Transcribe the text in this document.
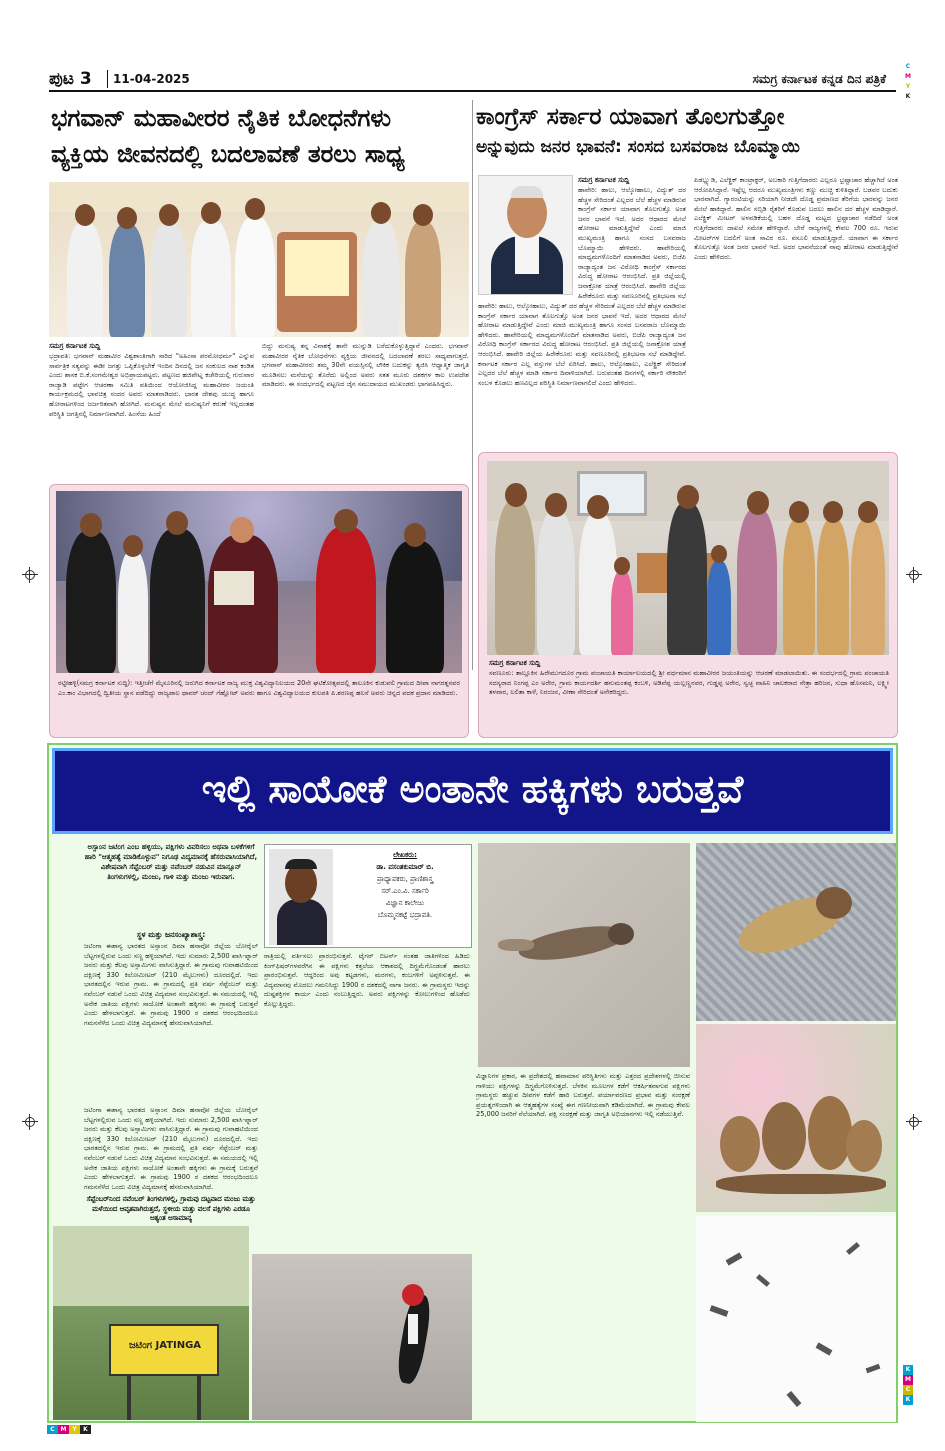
C
M
Y
K
K
M
C
K
C M Y	K
ಪುಟ 3 11-04-2025	ಸಮಗ್ರ ಕರ್ನಾಟಕ ಕನ್ನಡ ದಿನ ಪತ್ರಿಕೆ
ಭಗವಾನ್ ಮಹಾವೀರರ ನೈತಿಕ ಬೋಧನೆಗಳು
ವ್ಯಕ್ತಿಯ ಜೀವನದಲ್ಲಿ ಬದಲಾವಣೆ ತರಲು ಸಾಧ್ಯ
ಸಮಗ್ರ ಕರ್ನಾಟಕ ಸುದ್ದಿ
ಭದ್ರಾವತಿ: ಭಗವಾನ್ ಮಹಾವೀರ ವಿಶ್ವಶಾಂತಿಗಾಗಿ ಸಾರಿದ "ಅಹಿಂಸಾ ಪರಮೋಧರ್ಮ" ಎನ್ನುವ ಸಾರ್ವತ್ರಿಕ ಸತ್ಯವನ್ನು ಈಡೀ ಜಗತ್ತು ಒಪ್ಪಿಕೊಳ್ಳಬೇಕೆ ಇಂದಿನ ದಿನದಲ್ಲಿ ಜನ ಸಂಕುಲದ ನಾಶ ಕಂಡಿತ ಎಂದು ಶಾಸಕ ಬಿ.ಕೆ.ಸಂಗಮೇಶ್ವರ ಅಭಿಪ್ರಾಯಪಟ್ಟರು. ಪಟ್ಟಣದ ಹಜಿಪೇಟ್ನ ಕಚೇರಿಯಲ್ಲಿ ಗುರುವಾರ ರಾಜ್ಯಾಡಿ ಪಟ್ಟೇಗ ಆಚರಣಾ ಸಮಿತಿ ವತಿಯಿಂದ ಆಯೋಜಿಸಿದ್ದ ಮಹಾವೀರರ ಜಯಂತಿ ಕಾರ್ಯಕ್ರಮದಲ್ಲಿ ಭಾವಚಿತ್ರ ಸಂದರ ಅವರು ಮಾತನಾಡಿದರು. ಭಾರತ ದೇಶವು ಯುದ್ಧ ಹಾಗೂ ಹೋರಾಟಗಳಿಂದ ಜರ್ಜರಿತವಾಗಿ ಹೋಗಿದೆ. ಮನುಷ್ಯನ ಮೇಲೆ ಮನುಷ್ಯನಿಗೆ ಕರುಣೆ ಇಲ್ಲದಂತಹ ಪರಿಸ್ಥಿತಿ ಜಗತ್ತಿನಲ್ಲಿ ನಿರ್ಮಾಣವಾಗಿದೆ. ಹಿಂಸೆಯ ಹಿಂದೆ
ಬಿದ್ದು ಮನುಷ್ಯ ತನ್ನ ವಿನಾಶಕ್ಕೆ ತಾನೇ ಮುನ್ನುಡಿ ಬರೆದುಕೊಳ್ಳುತ್ತಿದ್ದಾನೆ ಎಂದರು. ಭಗವಾನ್ ಮಹಾವೀರರ ನೈತಿಕ ಬೋಧನೆಗಳು ವ್ಯಕ್ತಿಯ ಜೀವನದಲ್ಲಿ ಬದಲಾವಣೆ ತರಲು ಸಾಧ್ಯವಾಗುತ್ತದೆ. ಭಗವಾನ್ ಮಹಾವೀರರು ತಮ್ಮ 30ನೇ ವಯಸ್ಸಿನಲ್ಲಿ ಲೌಕಿಕ ಬದುಕನ್ನು ತ್ಯಜಿಸಿ ಆಧ್ಯಾತ್ಮಿಕ ಜಾಗೃತಿ ಮೂಡಿಸಲು ಮನೆಯನ್ನು ತೊರೆದು ಅಲ್ಲಿಂದ ಅವರು ಸತತ ಮೂರು ದಶಕಗಳ ಕಾಲ ಉಪದೇಶ ಮಾಡಿದರು. ಈ ಸಂದರ್ಭದಲ್ಲಿ ಪಟ್ಟಣದ ಜೈನ ಸಮುದಾಯದ ಮುಖಂಡರು ಭಾಗವಹಿಸಿದ್ದರು.
ರಟ್ಟೀಹಳ್ಳಿ(ಸಮಗ್ರ ಕರ್ನಾಟಕ ಸುದ್ದಿ): ಇತ್ತೀಚೆಗೆ ಮೈಸೂರಿನಲ್ಲಿ ಜರುಗಿದ ಕರ್ನಾಟಕ ರಾಜ್ಯ ಮುಕ್ತ ವಿಶ್ವವಿದ್ಯಾನಿಲಯದ 20ನೇ ಘಟಿಕೋತ್ಸವದಲ್ಲಿ ತಾಲೂಕಿನ ಕುಡುಪಲಿ ಗ್ರಾಮದ ದೀಪಾ ನಾಗರತ್ನನವರ ಎಂ.ಕಾಂ ವಿಭಾಗದಲ್ಲಿ ದ್ವಿತೀಯ ಸ್ಥಾನ ಪಡೆದಿದ್ದು ರಾಜ್ಯಪಾಲ ಥಾವರ್ ಚಂದ್ ಗೆಹ್ಲೋಟ್ ಅವರು ಹಾಗೂ ವಿಶ್ವವಿದ್ಯಾಲಯದ ಕುಲಪತಿ ಪಿ.ಶರಣಪ್ಪ ಹಲಸೆ ಅವರು ಚಿನ್ನದ ಪದಕ ಪ್ರದಾನ ಮಾಡಿದರು.
ಕಾಂಗ್ರೆಸ್ ಸರ್ಕಾರ ಯಾವಾಗ ತೊಲಗುತ್ತೋ
ಅನ್ನುವುದು ಜನರ ಭಾವನೆ: ಸಂಸದ ಬಸವರಾಜ ಬೊಮ್ಮಾಯಿ
ಸಮಗ್ರ ಕರ್ನಾಟಕ ಸುದ್ದಿ
ಹಾವೇರಿ: ಹಾಲು, ಆಲ್ಕೋಹಾಲು, ವಿದ್ಯುತ್ ದರ ಹೆಚ್ಚಳ ಸೇರಿದಂತೆ ಎಲ್ಲದರ ಬೆಲೆ ಹೆಚ್ಚಳ ಮಾಡಿರುವ ಕಾಂಗ್ರೆಸ್ ಸರ್ಕಾರ ಯಾವಾಗ ತೊಲಗುತ್ತೊ ಅಂತ ಜನರ ಭಾವನೆ ಇದೆ. ಅದರ ಆಧಾರದ ಮೇಲೆ ಹೋರಾಟ ಮಾಡುತ್ತಿದ್ದೇವೆ ಎಂದು ಮಾಜಿ ಮುಖ್ಯಮಂತ್ರಿ ಹಾಗೂ ಸಂಸದ ಬಸವರಾಜ ಬೊಮ್ಮಾಯಿ ಹೇಳಿದರು. ಹಾವೇರಿಯಲ್ಲಿ ಮಾಧ್ಯಮಗಳೊಂದಿಗೆ ಮಾತನಾಡಿದ ಅವರು, ಬಿಜೆಪಿ ರಾಜ್ಯಾದ್ಯಂತ ಜನ ವಿರೋಧಿ ಕಾಂಗ್ರೆಸ್ ಸರ್ಕಾರದ ವಿರುದ್ಧ ಹೋರಾಟ ಆರಂಭಿಸಿದೆ. ಪ್ರತಿ ಜಿಲ್ಲೆಯಲ್ಲಿ ಜನಾಕ್ರೋಶ ಯಾತ್ರೆ ಆರಂಭಿಸಿದೆ. ಹಾವೇರಿ ಜಿಲ್ಲೆಯ ಹಿರೇಕೆರೂರು ಮತ್ತು ಸವಣೂರಿನಲ್ಲಿ ಪ್ರತಿಭಟನಾ ಸಭೆ
ಹಾವೇರಿ: ಹಾಲು, ಆಲ್ಕೋಹಾಲು, ವಿದ್ಯುತ್ ದರ ಹೆಚ್ಚಳ ಸೇರಿದಂತೆ ಎಲ್ಲದರ ಬೆಲೆ ಹೆಚ್ಚಳ ಮಾಡಿರುವ ಕಾಂಗ್ರೆಸ್ ಸರ್ಕಾರ ಯಾವಾಗ ತೊಲಗುತ್ತೊ ಅಂತ ಜನರ ಭಾವನೆ ಇದೆ. ಅದರ ಆಧಾರದ ಮೇಲೆ ಹೋರಾಟ ಮಾಡುತ್ತಿದ್ದೇವೆ ಎಂದು ಮಾಜಿ ಮುಖ್ಯಮಂತ್ರಿ ಹಾಗೂ ಸಂಸದ ಬಸವರಾಜ ಬೊಮ್ಮಾಯಿ ಹೇಳಿದರು. ಹಾವೇರಿಯಲ್ಲಿ ಮಾಧ್ಯಮಗಳೊಂದಿಗೆ ಮಾತನಾಡಿದ ಅವರು, ಬಿಜೆಪಿ ರಾಜ್ಯಾದ್ಯಂತ ಜನ ವಿರೋಧಿ ಕಾಂಗ್ರೆಸ್ ಸರ್ಕಾರದ ವಿರುದ್ಧ ಹೋರಾಟ ಆರಂಭಿಸಿದೆ. ಪ್ರತಿ ಜಿಲ್ಲೆಯಲ್ಲಿ ಜನಾಕ್ರೋಶ ಯಾತ್ರೆ ಆರಂಭಿಸಿದೆ. ಹಾವೇರಿ ಜಿಲ್ಲೆಯ ಹಿರೇಕೆರೂರು ಮತ್ತು ಸವಣೂರಿನಲ್ಲಿ ಪ್ರತಿಭಟನಾ ಸಭೆ ಮಾಡಿದ್ದೇವೆ. ಕರ್ನಾಟಕ ಸರ್ಕಾರ ಎಲ್ಲ ವಸ್ತುಗಳ ಬೆಲೆ ಏರಿಸಿದೆ. ಹಾಲು, ಆಲ್ಕೋಹಾಲು, ಎಲೆಕ್ಟ್ರಿಕ್ ಸೇರಿದಂತೆ ಎಲ್ಲದರ ಬೆಲೆ ಹೆಚ್ಚಳ ಮಾಡಿ ಸರ್ಕಾರ ದಿವಾಳಿಯಾಗಿದೆ. ಬರುವಂತಹ ದಿನಗಳಲ್ಲಿ ಸರ್ಕಾರಿ ನೌಕರರಿಗೆ ಸಂಬಳ ಕೊಡಲು ಹಣವಿಲ್ಲದ ಪರಿಸ್ಥಿತಿ ನಿರ್ಮಾಣವಾಗಲಿದೆ ಎಂದು ಹೇಳಿದರು.
ಪಿಡಬ್ಲ್ಯುಡಿ, ಎಲೆಕ್ಟ್ರಿಕ್ ಕಾಂಟ್ರಾಕ್ಟರ್, ಅಬಕಾರಿ ಗುತ್ತಿಗೆದಾರರು ಎಲ್ಲರೂ ಭ್ರಷ್ಟಾಚಾರ ಹೆಚ್ಚಾಗಿದೆ ಅಂತ ಆರೋಪಿಸಿದ್ದಾರೆ. ಇಷ್ಟೆಲ್ಲ ಆದರೂ ಮುಖ್ಯಮಂತ್ರಿಗಳು ಕಣ್ಣು ಮುಚ್ಚಿ ಕುಳಿತಿದ್ದಾರೆ. ಬಡವರ ಬದುಕು ಭಾರವಾಗಿದೆ. ಗ್ಯಾರಂಟಿಯನ್ನು ಸರಿಯಾಗಿ ನೀಡದೇ ದೊಡ್ಡ ಪ್ರಮಾಣದ ತೆರಿಗೆಯ ಭಾರವನ್ನು ಜನರ ಮೇಲೆ ಹಾಕಿದ್ದಾರೆ. ಹಾಲಿನ ಸಬ್ಸಿಡಿ ರೈತರಿಗೆ ಕೊಡುವ ಬದಲು ಹಾಲಿನ ದರ ಹೆಚ್ಚಳ ಮಾಡಿದ್ದಾರೆ. ಎಲೆಕ್ಟ್ರಿಕ್ ಮೀಟರ್ ಅಳವಡಿಕೆಯಲ್ಲಿ ಬಹಳ ದೊಡ್ಡ ಮಟ್ಟದ ಭ್ರಷ್ಟಾಚಾರ ನಡೆದಿದೆ ಅಂತ ಗುತ್ತಿಗೆದಾರರು ದಾಖಲೆ ಸಮೇತ ಹೇಳಿದ್ದಾರೆ. ಬೇರೆ ರಾಜ್ಯಗಳಲ್ಲಿ ಕೇವಲ 700 ರೂ. ಇರುವ ಮೀಟರ್‌ಗಳ ಬದಲಿಗೆ ಅಂತ ಸಾವಿರ ರೂ. ವಸೂಲಿ ಮಾಡುತ್ತಿದ್ದಾರೆ. ಯಾವಾಗ ಈ ಸರ್ಕಾರ ತೊಲಗುತ್ತೊ ಅಂತ ಜನರ ಭಾವನೆ ಇದೆ. ಅದರ ಭಾವನೆಯಂತೆ ನಾವು ಹೋರಾಟ ಮಾಡುತ್ತಿದ್ದೇವೆ ಎಂದು ಹೇಳಿದರು.
ಸಮಗ್ರ ಕರ್ನಾಟಕ ಸುದ್ದಿ
ಸವಣೂರು: ತಾಲ್ಲೂಕಿನ ಹಿರೇಮುಗದೂರ ಗ್ರಾಮ ಪಂಚಾಯತಿ ಕಾರ್ಯಾಲಯದಲ್ಲಿ ಶ್ರೀ ವರ್ಧಮಾನ ಮಹಾವೀರರ ಜಯಂತಿಯನ್ನು ಆಚರಣೆ ಮಾಡಲಾಯಿತು. ಈ ಸಂದರ್ಭದಲ್ಲಿ ಗ್ರಾಮ ಪಂಚಾಯತಿ ಸದಸ್ಯರಾದ ನಿಂಗಪ್ಪ ಎಂ ಅರೇರ, ಗ್ರಾಮ ಕಾರ್ಯದರ್ಶಿ ಹನುಮಂತಪ್ಪ ಕಂಬಳಿ, ಅಡಿವೆಪ್ಪ ಯಲ್ಲಣ್ಣನವರ, ಗುಡ್ಡಪ್ಪ ಅರೇರ, ಸ್ವಚ್ಛ ವಾಹಿನಿ ಚಾಲಕರಾದ ನೇತ್ರಾ ಹರಿಜನ, ಸುಧಾ ಹೊಸಮನಿ, ಲಕ್ಷ್ಮೀ ತಳವಾರ, ಲಲಿತಾ ಕಾಳೆ, ನಿರಂಜನ, ವೀಣಾ ಸೇರಿದಂತೆ ಅನೇಕರಿದ್ದರು.
ಇಲ್ಲಿ ಸಾಯೋಕೆ ಅಂತಾನೇ ಹಕ್ಕಿಗಳು ಬರುತ್ತವೆ
ಅಸ್ಸಾಂನ ಜಟಿಂಗ ಎಂಬ ಹಳ್ಳಿಯು, ಪಕ್ಷಿಗಳು ವಿವರಿಸಲು ಅಥವಾ ಬಳಕೆಗಳಿಗೆ ಹಾರಿ "ಆತ್ಮಹತ್ಯೆ ಮಾಡಿಕೊಳ್ಳುವ" ನಿಗೂಢ ವಿದ್ಯಮಾನಕ್ಕೆ ಹೆಸರುವಾಸಿಯಾಗಿದೆ, ವಿಶೇಷವಾಗಿ ಸೆಪ್ಟೆಂಬರ್ ಮತ್ತು ನವೆಂಬರ್ ನಡುವಿನ ಮಾನ್ಸೂನ್ ತಿಂಗಳುಗಳಲ್ಲಿ, ಮಂಜು, ಗಾಳಿ ಮತ್ತು ಮಂಜು ಇರುವಾಗ.
ಸ್ಥಳ ಮತ್ತು ಜನಸಂಖ್ಯಾಶಾಸ್ತ್ರ:
ಲೇಖಕರು:
ಡಾ. ವಸಂತಕುಮಾರ್ ಬಿ.
ಪ್ರಾಧ್ಯಾಪಕರು, ಪ್ರಾಣಿಶಾಸ್ತ್ರ
ಸರ್.ಎಂ.ವಿ. ಸರ್ಕಾರಿ
ವಿಜ್ಞಾನ ಕಾಲೇಜು
ಬೊಮ್ಮನಕಟ್ಟೆ ಭದ್ರಾವತಿ.
ಜಟಿಂಗಾ ಈಶಾನ್ಯ ಭಾರತದ ಅಸ್ಸಾಂನ ದಿಮಾ ಹಸಾವೋ ಜಿಲ್ಲೆಯ ಬೋರೈಲ್ ಬೆಟ್ಟಗಳಲ್ಲಿರುವ ಒಂದು ಸಣ್ಣ ಹಳ್ಳಿಯಾಗಿದೆ. ಇದು ಸುಮಾರು 2,500 ಖಾಸಿ-ಪ್ನಾರ್ ಜನರು ಮತ್ತು ಕೆಲವು ಅಸ್ಸಾಮಿಗಳು ವಾಸಿಸುತ್ತಿದ್ದಾರೆ. ಈ ಗ್ರಾಮವು ಗುವಾಹಟಿಯಿಂದ ದಕ್ಷಿಣಕ್ಕೆ 330 ಕಿಲೋಮೀಟರ್ (210 ಮೈಲುಗಳು) ದೂರದಲ್ಲಿದೆ. ಇದು ಭಾರತದಲ್ಲಿನ ಇರುವ ಗ್ರಾಮ. ಈ ಗ್ರಾಮದಲ್ಲಿ ಪ್ರತಿ ವರ್ಷ ಸೆಪ್ಟೆಂಬರ್ ಮತ್ತು ನವೆಂಬರ್ ನಡುವೆ ಒಂದು ವಿಚಿತ್ರ ವಿದ್ಯಮಾನ ಸಂಭವಿಸುತ್ತದೆ. ಈ ಸಮಯದಲ್ಲಿ ಇಲ್ಲಿ ಅನೇಕ ಜಾತಿಯ ಪಕ್ಷಿಗಳು ಸಾಯೋಕೆ ಅಂತಾನೇ ಹಕ್ಕಿಗಳು ಈ ಗ್ರಾಮಕ್ಕೆ ಬರುತ್ತವೆ ಎಂದು ಹೇಳಲಾಗುತ್ತದೆ. ಈ ಗ್ರಾಮವು 1900 ರ ದಶಕದ ಆರಂಭದಿಂದಲೂ ಗಮನಸೆಳೆದ ಒಂದು ವಿಚಿತ್ರ ವಿದ್ಯಮಾನಕ್ಕೆ ಹೆಸರುವಾಸಿಯಾಗಿದೆ.
ಜಟಿಂಗಾ ಈಶಾನ್ಯ ಭಾರತದ ಅಸ್ಸಾಂನ ದಿಮಾ ಹಸಾವೋ ಜಿಲ್ಲೆಯ ಬೋರೈಲ್ ಬೆಟ್ಟಗಳಲ್ಲಿರುವ ಒಂದು ಸಣ್ಣ ಹಳ್ಳಿಯಾಗಿದೆ. ಇದು ಸುಮಾರು 2,500 ಖಾಸಿ-ಪ್ನಾರ್ ಜನರು ಮತ್ತು ಕೆಲವು ಅಸ್ಸಾಮಿಗಳು ವಾಸಿಸುತ್ತಿದ್ದಾರೆ. ಈ ಗ್ರಾಮವು ಗುವಾಹಟಿಯಿಂದ ದಕ್ಷಿಣಕ್ಕೆ 330 ಕಿಲೋಮೀಟರ್ (210 ಮೈಲುಗಳು) ದೂರದಲ್ಲಿದೆ. ಇದು ಭಾರತದಲ್ಲಿನ ಇರುವ ಗ್ರಾಮ. ಈ ಗ್ರಾಮದಲ್ಲಿ ಪ್ರತಿ ವರ್ಷ ಸೆಪ್ಟೆಂಬರ್ ಮತ್ತು ನವೆಂಬರ್ ನಡುವೆ ಒಂದು ವಿಚಿತ್ರ ವಿದ್ಯಮಾನ ಸಂಭವಿಸುತ್ತದೆ. ಈ ಸಮಯದಲ್ಲಿ ಇಲ್ಲಿ ಅನೇಕ ಜಾತಿಯ ಪಕ್ಷಿಗಳು ಸಾಯೋಕೆ ಅಂತಾನೇ ಹಕ್ಕಿಗಳು ಈ ಗ್ರಾಮಕ್ಕೆ ಬರುತ್ತವೆ ಎಂದು ಹೇಳಲಾಗುತ್ತದೆ. ಈ ಗ್ರಾಮವು 1900 ರ ದಶಕದ ಆರಂಭದಿಂದಲೂ ಗಮನಸೆಳೆದ ಒಂದು ವಿಚಿತ್ರ ವಿದ್ಯಮಾನಕ್ಕೆ ಹೆಸರುವಾಸಿಯಾಗಿದೆ.
ಸೆಪ್ಟೆಂಬರ್‌ನಿಂದ ನವೆಂಬರ್ ತಿಂಗಳುಗಳಲ್ಲಿ, ಗ್ರಾಮವು ದಟ್ಟವಾದ ಮಂಜು ಮತ್ತು ಮಳೆಯಿಂದ ಆವೃತವಾಗಿರುತ್ತದೆ, ಸ್ಥಳೀಯ ಮತ್ತು ವಲಸೆ ಪಕ್ಷಿಗಳು ಎರಡೂ ಅತ್ಯಂತ ಅಸಾಮಾನ್ಯ
ರಾತ್ರಿಯಲ್ಲಿ ವರ್ತಿಸಲು ಪ್ರಾರಂಭಿಸುತ್ತವೆ. ಟೈಗರ್ ಬಿಟರ್ನ್ ನಂತಹ ಜಾತಿಗಳಿಂದ ಹಿಡಿದು ಕಿಂಗ್‌ಫಿಷರ್‌ಗಳವರೆಗಿನ ಈ ಪಕ್ಷಿಗಳು ಕತ್ತಲೆಯ ಆಕಾಶದಲ್ಲಿ ದಿಗ್ಭ್ರಮೆಗೊಂಡಂತೆ ಹಾರಲು ಪ್ರಾರಂಭಿಸುತ್ತವೆ. ಆದ್ದರಿಂದ ಅವು ಕಟ್ಟಡಗಳು, ಮರಗಳು, ಕಂಬಗಳಿಗೆ ಅಪ್ಪಳಿಸುತ್ತವೆ. ಈ ವಿದ್ಯಮಾನವು ಮೊದಲು ಗಮನಿಸಿದ್ದು 1900 ರ ದಶಕದಲ್ಲಿ ನಾಗಾ ಜನರು. ಈ ಗ್ರಾಮಸ್ಥರು ಇದನ್ನು ದುಷ್ಟಶಕ್ತಿಗಳ ಕಾರ್ಯ ಎಂದು ನಂಬುತ್ತಿದ್ದರು. ಅವರು ಪಕ್ಷಿಗಳನ್ನು ಕೋಲುಗಳಿಂದ ಹೊಡೆದು ಕೊಲ್ಲುತ್ತಿದ್ದರು.
ವಿಜ್ಞಾನಿಗಳ ಪ್ರಕಾರ, ಈ ಪ್ರದೇಶದಲ್ಲಿ ಹವಾಮಾನ ಪರಿಸ್ಥಿತಿಗಳು ಮತ್ತು ಎತ್ತರದ ಪ್ರದೇಶಗಳಲ್ಲಿ ಬೀಸುವ ಗಾಳಿಯು ಪಕ್ಷಿಗಳನ್ನು ದಿಗ್ಭ್ರಮೆಗೊಳಿಸುತ್ತದೆ. ಬೆಳಕಿನ ಮೂಲಗಳ ಕಡೆಗೆ ಆಕರ್ಷಿತವಾಗುವ ಪಕ್ಷಿಗಳು ಗ್ರಾಮಸ್ಥರು ಹಚ್ಚುವ ದೀಪಗಳ ಕಡೆಗೆ ಹಾರಿ ಬರುತ್ತವೆ. ಪರ್ಯಾವರಣದ ಪ್ರಭಾವ ಮತ್ತು ಸಂರಕ್ಷಣೆ ಪ್ರಯತ್ನಗಳಿಂದಾಗಿ ಈ ಆತ್ಮಹತ್ಯೆಗಳ ಸಂಖ್ಯೆ ಈಗ ಗಣನೀಯವಾಗಿ ಕಡಿಮೆಯಾಗಿದೆ. ಈ ಗ್ರಾಮವು ಕೇವಲ 25,000 ಜನರಿಗೆ ನೆಲೆಯಾಗಿದೆ. ಪಕ್ಷಿ ಸಂರಕ್ಷಣೆ ಮತ್ತು ಜಾಗೃತಿ ಅಭಿಯಾನಗಳು ಇಲ್ಲಿ ನಡೆಯುತ್ತಿವೆ.
ಜಟಿಂಗ JATINGA
